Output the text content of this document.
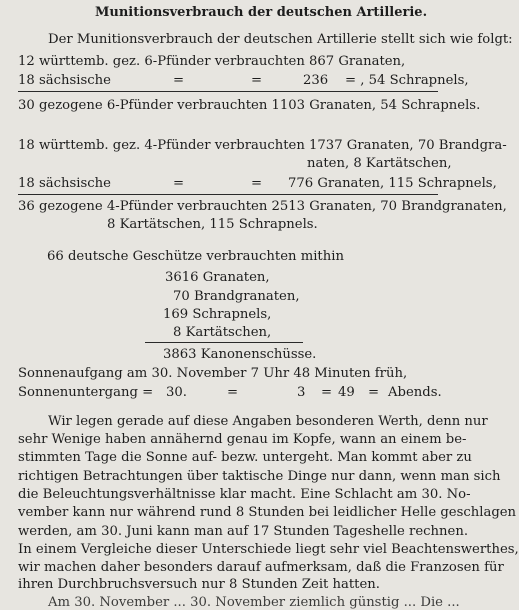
Munitionsverbrauch der deutschen Artillerie.
Der Munitionsverbrauch der deutschen Artillerie stellt sich wie folgt:
12 württemb. gez. 6-Pfünder verbrauchten 867 Granaten,
18 sächsische	=	=	236 = , 54 Schrapnels,
30 gezogene 6-Pfünder verbrauchten 1103 Granaten, 54 Schrapnels.
18 württemb. gez. 4-Pfünder verbrauchten 1737 Granaten, 70 Brandgra-
naten, 8 Kartätschen,
18 sächsische	=	= 776 Granaten, 115 Schrapnels,
36 gezogene 4-Pfünder verbrauchten 2513 Granaten, 70 Brandgranaten,
8 Kartätschen, 115 Schrapnels.
66 deutsche Geschütze verbrauchten mithin
3616 Granaten,
70 Brandgranaten,
169 Schrapnels,
8 Kartätschen,
3863 Kanonenschüsse.
Sonnenaufgang am 30. November 7 Uhr 48 Minuten früh,
Sonnenuntergang = 30.	=	3 = 49 = Abends.
Wir legen gerade auf diese Angaben besonderen Werth, denn nur
sehr Wenige haben annähernd genau im Kopfe, wann an einem be-
stimmten Tage die Sonne auf- bezw. untergeht. Man kommt aber zu
richtigen Betrachtungen über taktische Dinge nur dann, wenn man sich
die Beleuchtungsverhältnisse klar macht. Eine Schlacht am 30. No-
vember kann nur während rund 8 Stunden bei leidlicher Helle geschlagen
werden, am 30. Juni kann man auf 17 Stunden Tageshelle rechnen.
In einem Vergleiche dieser Unterschiede liegt sehr viel Beachtenswerthes,
wir machen daher besonders darauf aufmerksam, daß die Franzosen für
ihren Durchbruchsversuch nur 8 Stunden Zeit hatten.
Am 30. November ... 30. November ziemlich günstig ... Die ...
